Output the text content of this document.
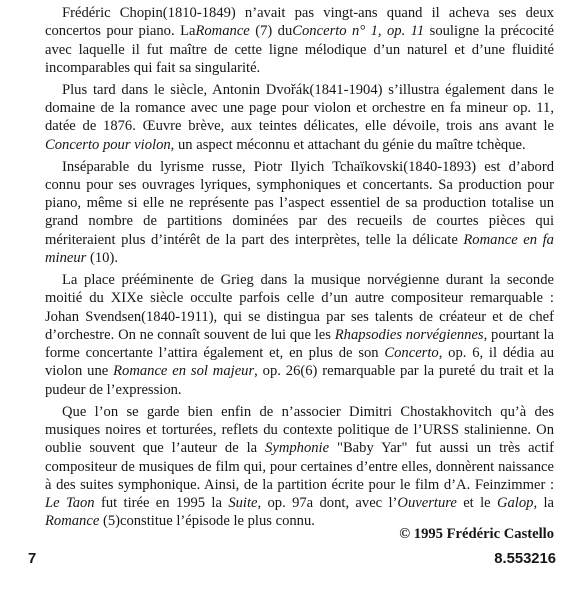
Frédéric Chopin(1810-1849) n’avait pas vingt-ans quand il acheva ses deux concertos pour piano. LaRomance (7) duConcerto n° 1, op. 11 souligne la précocité avec laquelle il fut maître de cette ligne mélodique d’un naturel et d’une fluidité incomparables qui fait sa singularité.

Plus tard dans le siècle, Antonin Dvořák(1841-1904) s’illustra également dans le domaine de la romance avec une page pour violon et orchestre en fa mineur op. 11, datée de 1876. Œuvre brève, aux teintes délicates, elle dévoile, trois ans avant le Concerto pour violon, un aspect méconnu et attachant du génie du maître tchèque.

Inséparable du lyrisme russe, Piotr Ilyich Tchaïkovski(1840-1893) est d’abord connu pour ses ouvrages lyriques, symphoniques et concertants. Sa production pour piano, même si elle ne représente pas l’aspect essentiel de sa production totalise un grand nombre de partitions dominées par des recueils de courtes pièces qui mériteraient plus d’intérêt de la part des interprètes, telle la délicate Romance en fa mineur (10).

La place prééminente de Grieg dans la musique norvégienne durant la seconde moitié du XIXe siècle occulte parfois celle d’un autre compositeur remarquable : Johan Svendsen(1840-1911), qui se distingua par ses talents de créateur et de chef d’orchestre. On ne connaît souvent de lui que les Rhapsodies norvégiennes, pourtant la forme concertante l’attira également et, en plus de son Concerto, op. 6, il dédia au violon une Romance en sol majeur, op. 26(6) remarquable par la pureté du trait et la pudeur de l’expression.

Que l’on se garde bien enfin de n’associer Dimitri Chostakhovitch qu’à des musiques noires et torturées, reflets du contexte politique de l’URSS stalinienne. On oublie souvent que l’auteur de la Symphonie "Baby Yar" fut aussi un très actif compositeur de musiques de film qui, pour certaines d’entre elles, donnèrent naissance à des suites symphonique. Ainsi, de la partition écrite pour le film d’A. Feinzimmer : Le Taon fut tirée en 1995 la Suite, op. 97a dont, avec l’Ouverture et le Galop, la Romance (5)constitue l’épisode le plus connu.

© 1995 Frédéric Castello
7	8.553216
